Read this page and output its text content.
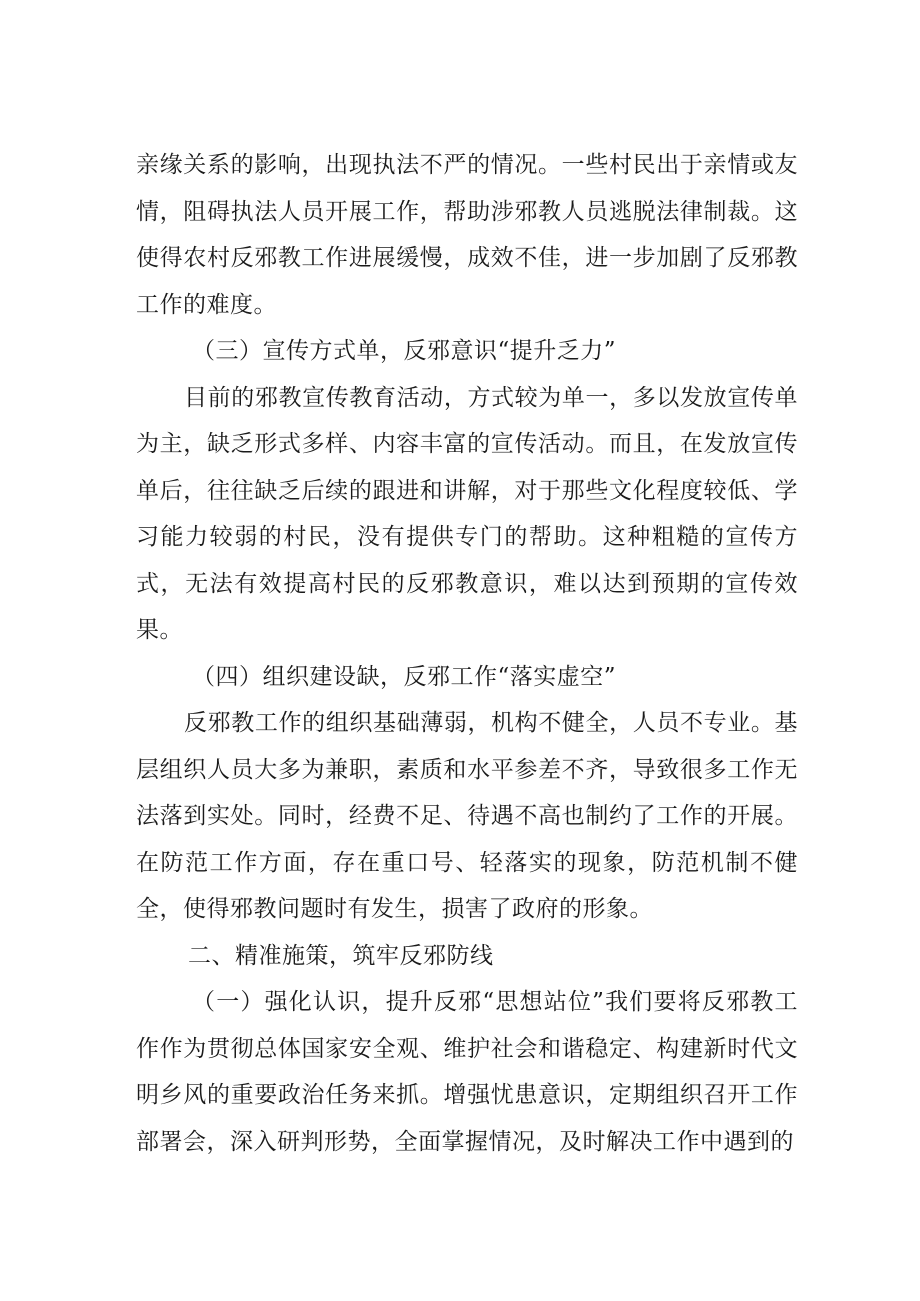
亲缘关系的影响，出现执法不严的情况。一些村民出于亲情或友情，阻碍执法人员开展工作，帮助涉邪教人员逃脱法律制裁。这使得农村反邪教工作进展缓慢，成效不佳，进一步加剧了反邪教工作的难度。

（三）宣传方式单，反邪意识“提升乏力”

目前的邪教宣传教育活动，方式较为单一，多以发放宣传单为主，缺乏形式多样、内容丰富的宣传活动。而且，在发放宣传单后，往往缺乏后续的跟进和讲解，对于那些文化程度较低、学习能力较弱的村民，没有提供专门的帮助。这种粗糙的宣传方式，无法有效提高村民的反邪教意识，难以达到预期的宣传效果。

（四）组织建设缺，反邪工作“落实虚空”

反邪教工作的组织基础薄弱，机构不健全，人员不专业。基层组织人员大多为兼职，素质和水平参差不齐，导致很多工作无法落到实处。同时，经费不足、待遇不高也制约了工作的开展。在防范工作方面，存在重口号、轻落实的现象，防范机制不健全，使得邪教问题时有发生，损害了政府的形象。

二、精准施策，筑牢反邪防线

（一）强化认识，提升反邪“思想站位”我们要将反邪教工作作为贯彻总体国家安全观、维护社会和谐稳定、构建新时代文明乡风的重要政治任务来抓。增强忧患意识，定期组织召开工作部署会，深入研判形势，全面掌握情况，及时解决工作中遇到的
